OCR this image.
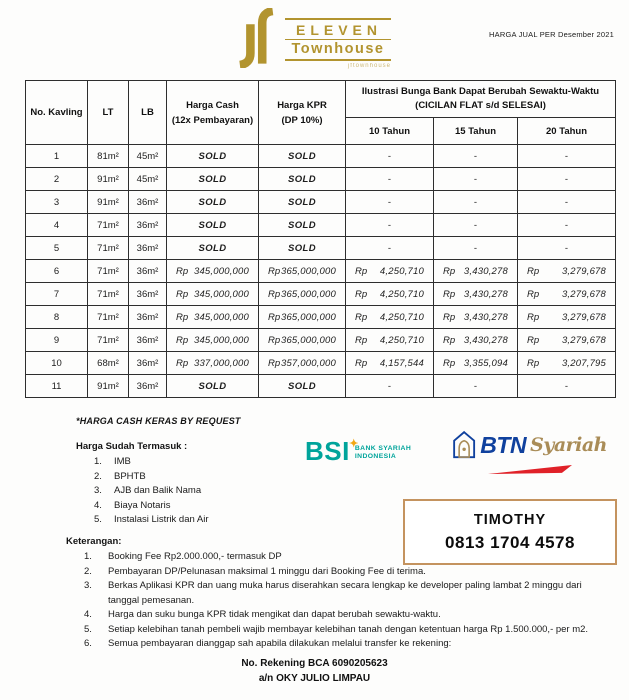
ELEVEN
Townhouse
jftownhouse
HARGA JUAL PER Desember 2021
No. Kavling	LT	LB	
Harga Cash
(12x Pembayaran)

Harga KPR
(DP 10%)

Ilustrasi Bunga Bank Dapat Berubah Sewaktu-Waktu
(CICILAN FLAT s/d SELESAI)

					10 Tahun	15 Tahun	20 Tahun
1	81m²	45m²	SOLD	SOLD	-	-	-
2	91m²	45m²	SOLD	SOLD	-	-	-
3	91m²	36m²	SOLD	SOLD	-	-	-
4	71m²	36m²	SOLD	SOLD	-	-	-
5	71m²	36m²	SOLD	SOLD	-	-	-
6	71m²	36m²	Rp 345,000,000	Rp 365,000,000	Rp 4,250,710	Rp 3,430,278	Rp 3,279,678

7	71m²	36m²	Rp 345,000,000	Rp 365,000,000	Rp 4,250,710	Rp 3,430,278	Rp 3,279,678

8	71m²	36m²	Rp 345,000,000	Rp 365,000,000	Rp 4,250,710	Rp 3,430,278	Rp 3,279,678

9	71m²	36m²	Rp 345,000,000	Rp 365,000,000	Rp 4,250,710	Rp 3,430,278	Rp 3,279,678

10	68m²	36m²	Rp 337,000,000	Rp 357,000,000	Rp 4,157,544	Rp 3,355,094	Rp 3,207,795

11	91m²	36m²	SOLD	SOLD	-	-	-
*HARGA CASH KERAS BY REQUEST
Harga Sudah Termasuk :
IMB
BPHTB
AJB dan Balik Nama
Biaya Notaris
Instalasi Listrik dan Air
BSI ✦
BANK SYARIAH
INDONESIA	BTN Syariah
TIMOTHY
0813 1704 4578
Keterangan:
Booking Fee Rp2.000.000,- termasuk DP
Pembayaran DP/Pelunasan maksimal 1 minggu dari Booking Fee di terima.
Berkas Aplikasi KPR dan uang muka harus diserahkan secara lengkap ke developer paling lambat 2 minggu dari tanggal pemesanan.
Harga dan suku bunga KPR tidak mengikat dan dapat berubah sewaktu-waktu.
Setiap kelebihan tanah pembeli wajib membayar kelebihan tanah dengan ketentuan harga Rp 1.500.000,- per m2.
Semua pembayaran dianggap sah apabila dilakukan melalui transfer ke rekening:
No. Rekening BCA 6090205623
a/n OKY JULIO LIMPAU
